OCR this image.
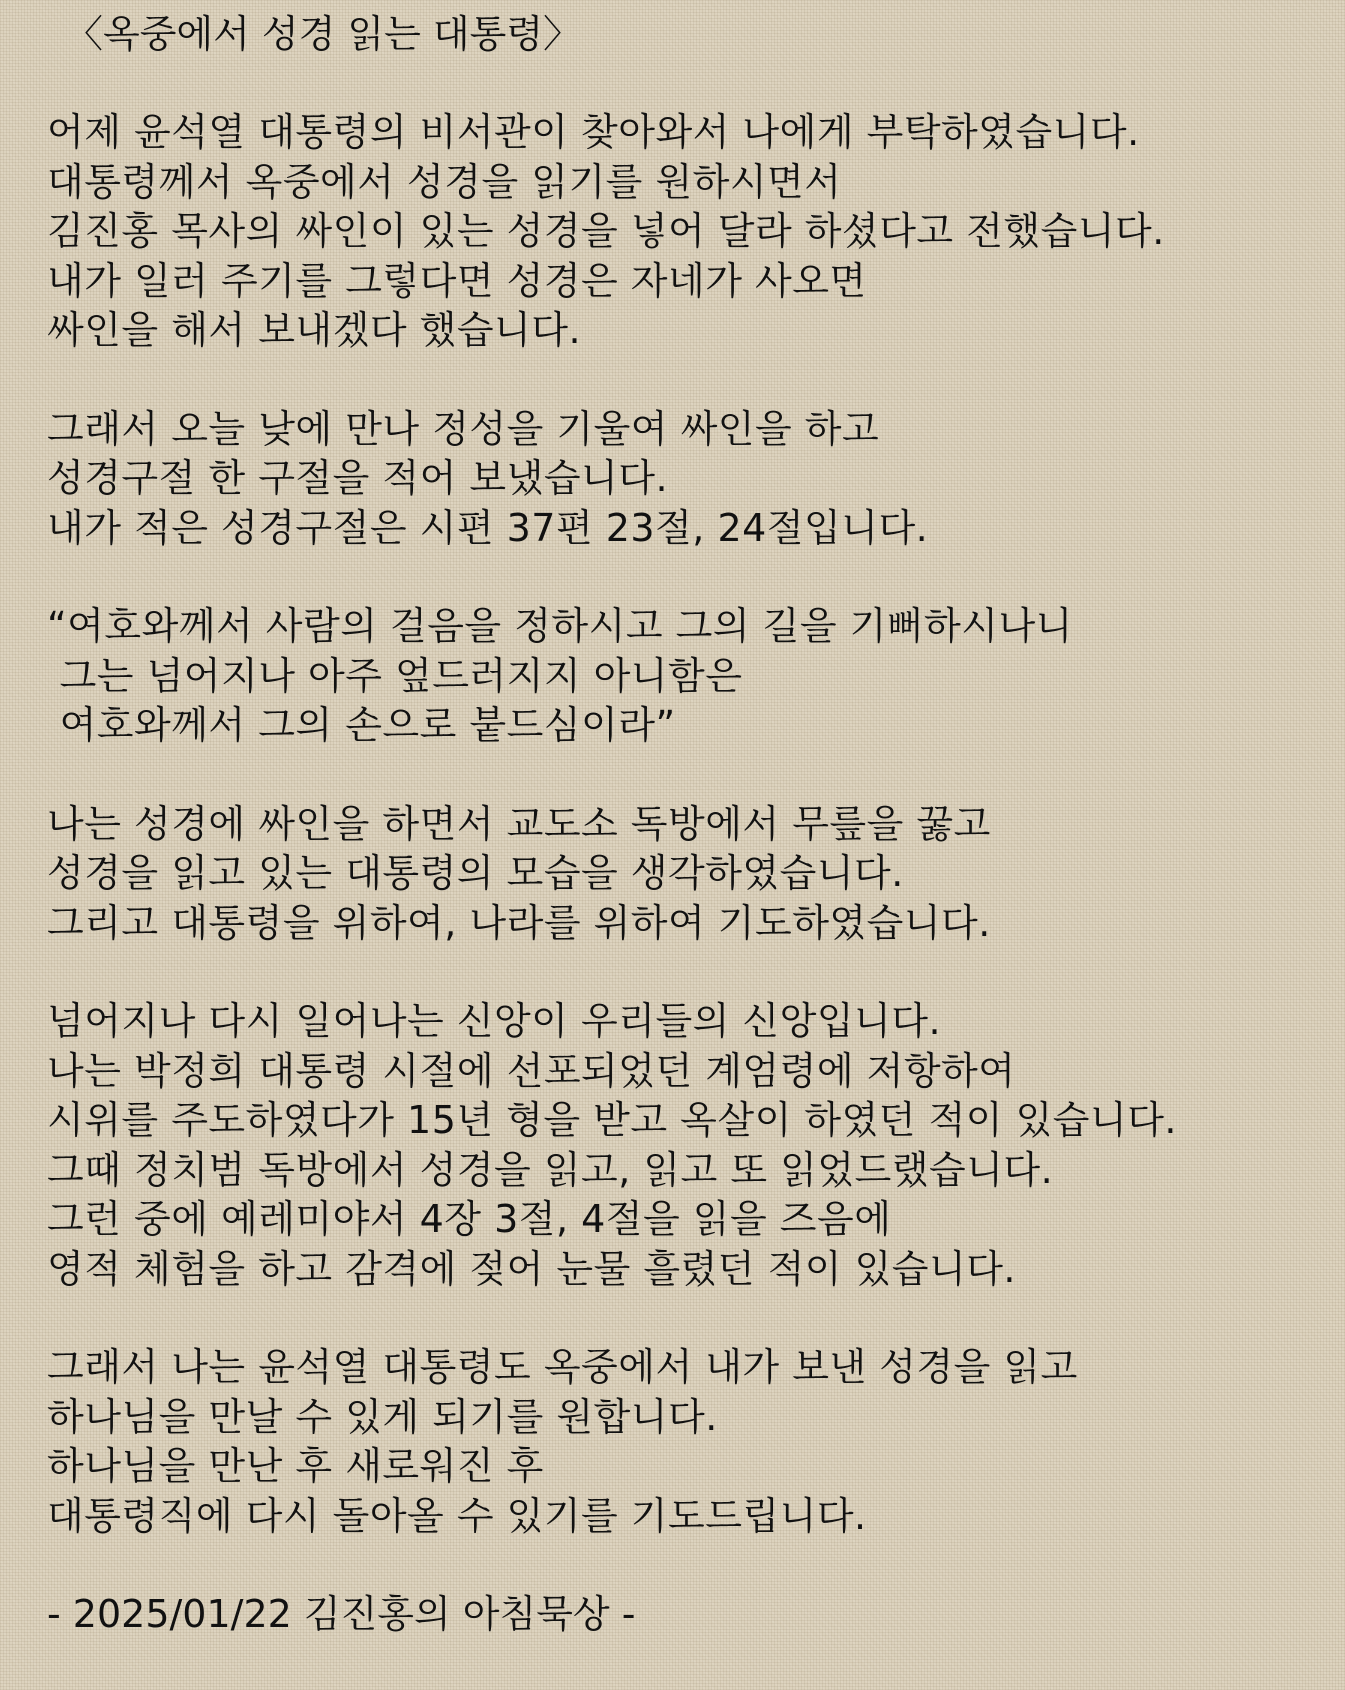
〈옥중에서 성경 읽는 대통령〉
어제 윤석열 대통령의 비서관이 찾아와서 나에게 부탁하였습니다.
대통령께서 옥중에서 성경을 읽기를 원하시면서
김진홍 목사의 싸인이 있는 성경을 넣어 달라 하셨다고 전했습니다.
내가 일러 주기를 그렇다면 성경은 자네가 사오면
싸인을 해서 보내겠다 했습니다.
그래서 오늘 낮에 만나 정성을 기울여 싸인을 하고
성경구절 한 구절을 적어 보냈습니다.
내가 적은 성경구절은 시편 37편 23절, 24절입니다.
“여호와께서 사람의 걸음을 정하시고 그의 길을 기뻐하시나니
그는 넘어지나 아주 엎드러지지 아니함은
여호와께서 그의 손으로 붙드심이라”
나는 성경에 싸인을 하면서 교도소 독방에서 무릎을 꿇고
성경을 읽고 있는 대통령의 모습을 생각하였습니다.
그리고 대통령을 위하여, 나라를 위하여 기도하였습니다.
넘어지나 다시 일어나는 신앙이 우리들의 신앙입니다.
나는 박정희 대통령 시절에 선포되었던 계엄령에 저항하여
시위를 주도하였다가 15년 형을 받고 옥살이 하였던 적이 있습니다.
그때 정치범 독방에서 성경을 읽고, 읽고 또 읽었드랬습니다.
그런 중에 예레미야서 4장 3절, 4절을 읽을 즈음에
영적 체험을 하고 감격에 젖어 눈물 흘렸던 적이 있습니다.
그래서 나는 윤석열 대통령도 옥중에서 내가 보낸 성경을 읽고
하나님을 만날 수 있게 되기를 원합니다.
하나님을 만난 후 새로워진 후
대통령직에 다시 돌아올 수 있기를 기도드립니다.
- 2025/01/22 김진홍의 아침묵상 -
